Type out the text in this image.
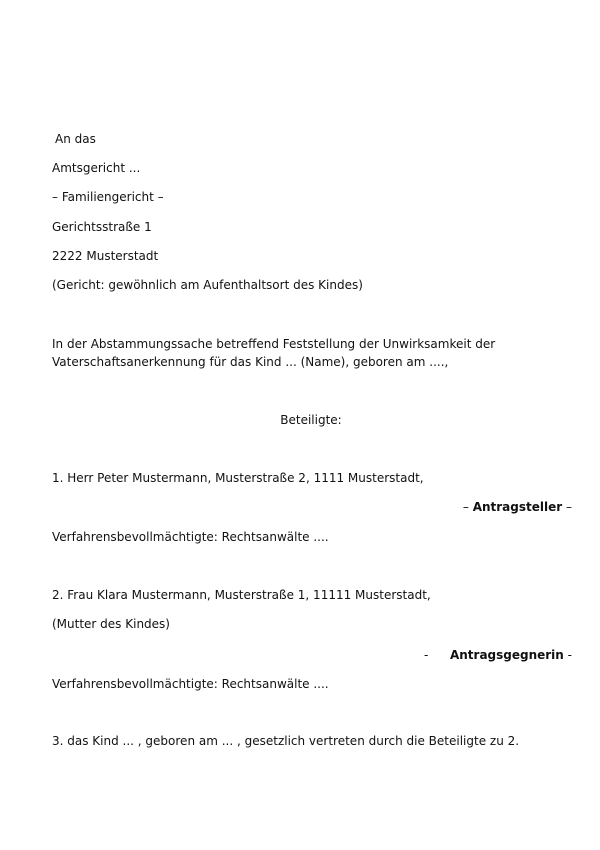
An das
Amtsgericht ...
– Familiengericht –
Gerichtsstraße 1
2222 Musterstadt
(Gericht: gewöhnlich am Aufenthaltsort des Kindes)
In der Abstammungssache betreffend Feststellung der Unwirksamkeit der
Vaterschaftsanerkennung für das Kind ... (Name), geboren am ....,
Beteiligte:
1. Herr Peter Mustermann, Musterstraße 2, 1111 Musterstadt,
– Antragsteller –
Verfahrensbevollmächtigte: Rechtsanwälte ....
2. Frau Klara Mustermann, Musterstraße 1, 11111 Musterstadt,
(Mutter des Kindes)
- Antragsgegnerin -
Verfahrensbevollmächtigte: Rechtsanwälte ....
3. das Kind ... , geboren am ... , gesetzlich vertreten durch die Beteiligte zu 2.
